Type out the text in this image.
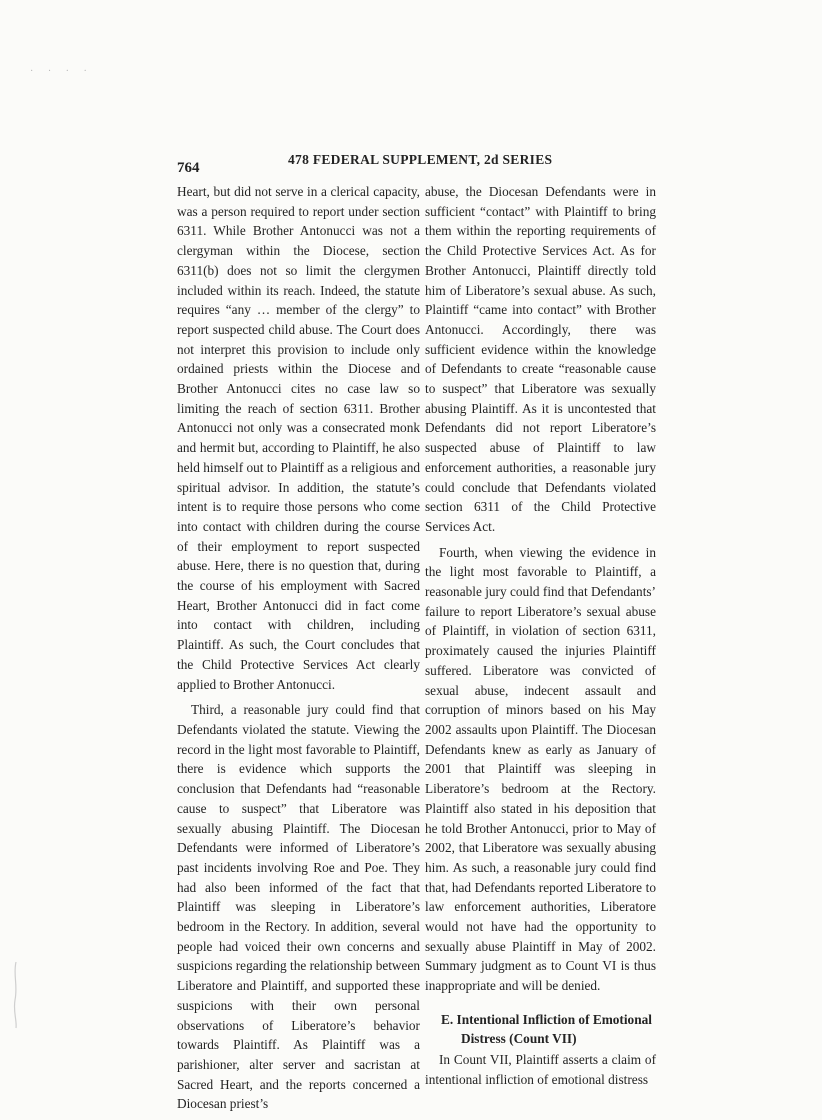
· · · ·
764
478 FEDERAL SUPPLEMENT, 2d SERIES

Heart, but did not serve in a clerical capacity, was a person required to report under section 6311. While Brother Antonucci was not a clergyman within the Diocese, section 6311(b) does not so limit the clergymen included within its reach. Indeed, the statute requires “any … member of the clergy” to report suspected child abuse. The Court does not interpret this provision to include only ordained priests within the Diocese and Brother Antonucci cites no case law so limiting the reach of section 6311. Brother Antonucci not only was a consecrated monk and hermit but, according to Plaintiff, he also held himself out to Plaintiff as a religious and spiritual advisor. In addition, the statute’s intent is to require those persons who come into contact with children during the course of their employment to report suspected abuse. Here, there is no question that, during the course of his employment with Sacred Heart, Brother Antonucci did in fact come into contact with children, including Plaintiff. As such, the Court concludes that the Child Protective Services Act clearly applied to Brother Antonucci.

Third, a reasonable jury could find that Defendants violated the statute. Viewing the record in the light most favorable to Plaintiff, there is evidence which supports the conclusion that Defendants had “reasonable cause to suspect” that Liberatore was sexually abusing Plaintiff. The Diocesan Defendants were informed of Liberatore’s past incidents involving Roe and Poe. They had also been informed of the fact that Plaintiff was sleeping in Liberatore’s bedroom in the Rectory. In addition, several people had voiced their own concerns and suspicions regarding the relationship between Liberatore and Plaintiff, and supported these suspicions with their own personal observations of Liberatore’s behavior towards Plaintiff. As Plaintiff was a parishioner, alter server and sacristan at Sacred Heart, and the reports concerned a Diocesan priest’s

abuse, the Diocesan Defendants were in sufficient “contact” with Plaintiff to bring them within the reporting requirements of the Child Protective Services Act. As for Brother Antonucci, Plaintiff directly told him of Liberatore’s sexual abuse. As such, Plaintiff “came into contact” with Brother Antonucci. Accordingly, there was sufficient evidence within the knowledge of Defendants to create “reasonable cause to suspect” that Liberatore was sexually abusing Plaintiff. As it is uncontested that Defendants did not report Liberatore’s suspected abuse of Plaintiff to law enforcement authorities, a reasonable jury could conclude that Defendants violated section 6311 of the Child Protective Services Act.

Fourth, when viewing the evidence in the light most favorable to Plaintiff, a reasonable jury could find that Defendants’ failure to report Liberatore’s sexual abuse of Plaintiff, in violation of section 6311, proximately caused the injuries Plaintiff suffered. Liberatore was convicted of sexual abuse, indecent assault and corruption of minors based on his May 2002 assaults upon Plaintiff. The Diocesan Defendants knew as early as January of 2001 that Plaintiff was sleeping in Liberatore’s bedroom at the Rectory. Plaintiff also stated in his deposition that he told Brother Antonucci, prior to May of 2002, that Liberatore was sexually abusing him. As such, a reasonable jury could find that, had Defendants reported Liberatore to law enforcement authorities, Liberatore would not have had the opportunity to sexually abuse Plaintiff in May of 2002. Summary judgment as to Count VI is thus inappropriate and will be denied.

E. Intentional Infliction of Emotional Distress (Count VII)

In Count VII, Plaintiff asserts a claim of intentional infliction of emotional distress
